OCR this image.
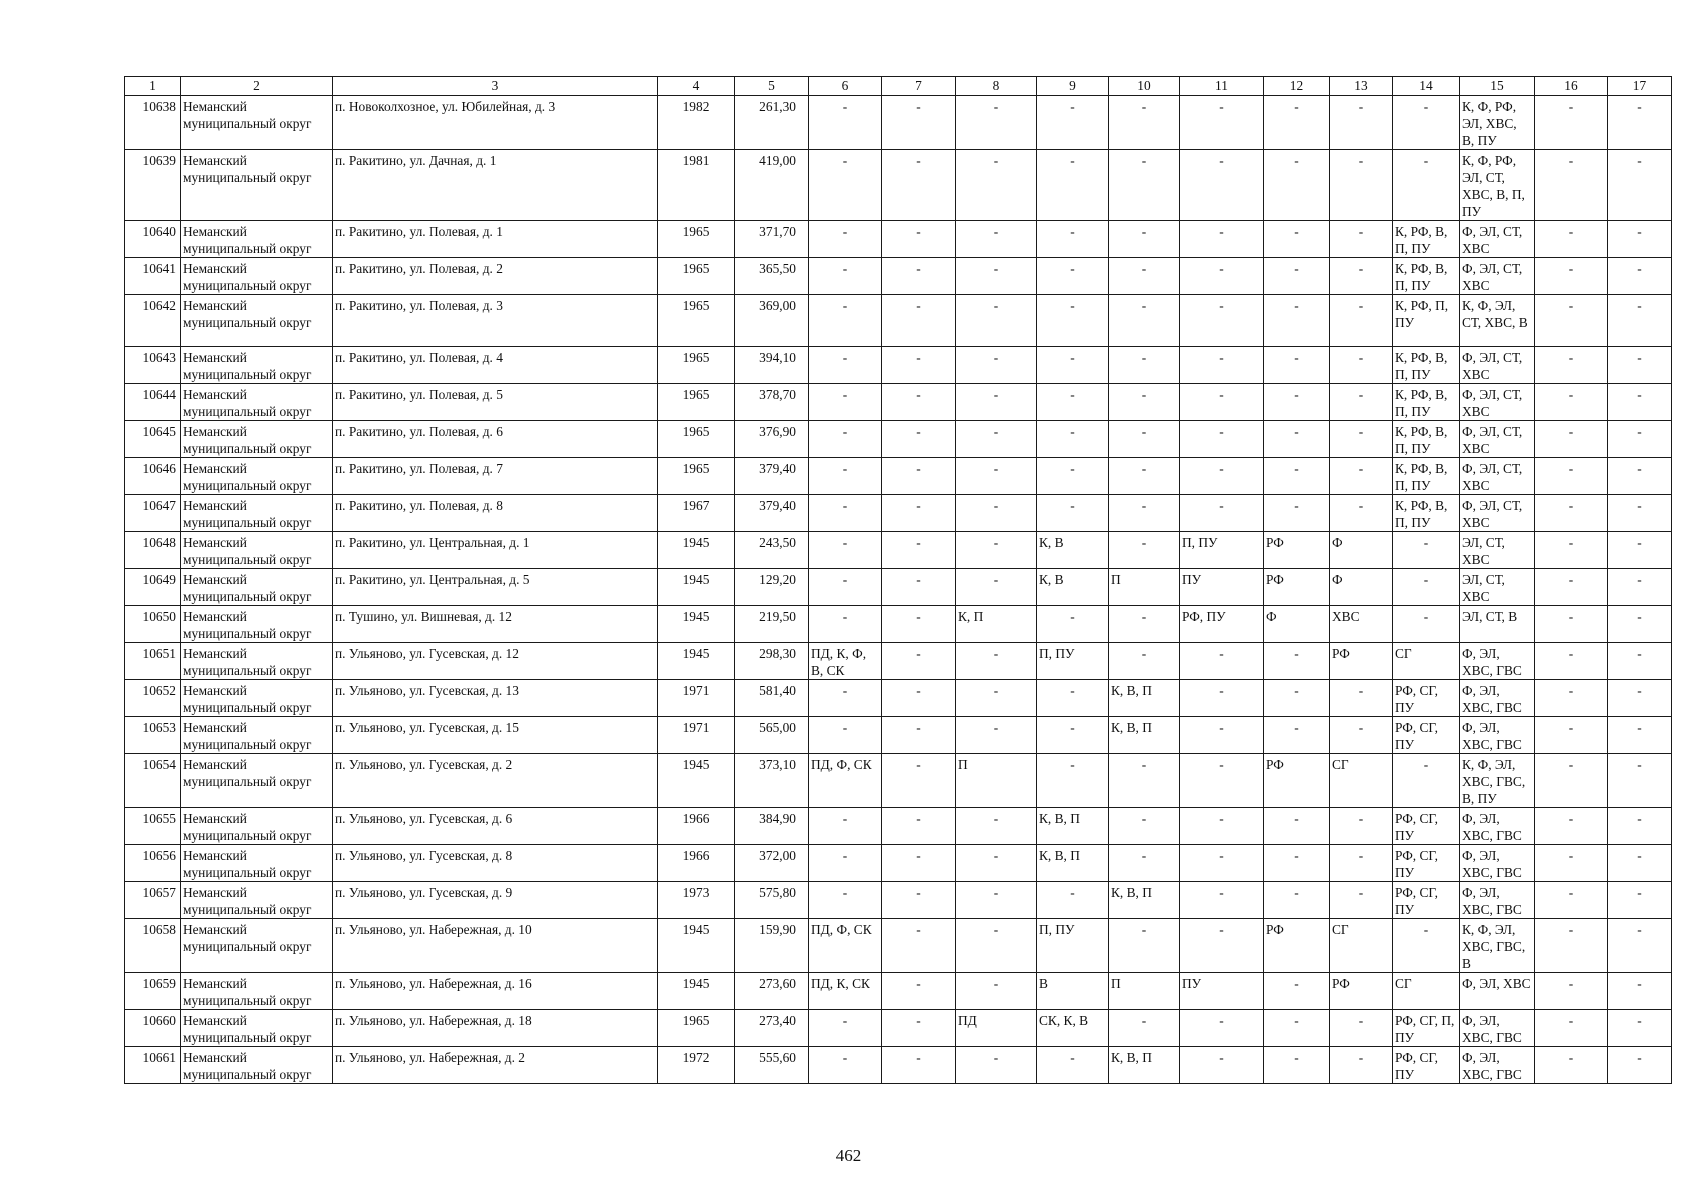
1	2	3	4	5	6	7	8	9	10	11	12	13	14	15	16	17
10638	Неманский муниципальный округ	п. Новоколхозное, ул. Юбилейная, д. 3	1982	261,30	-	-	-	-	-	-	-	-	-	К, Ф, РФ, ЭЛ, ХВС, В, ПУ	-	-
10639	Неманский муниципальный округ	п. Ракитино, ул. Дачная, д. 1	1981	419,00	-	-	-	-	-	-	-	-	-	К, Ф, РФ, ЭЛ, СТ, ХВС, В, П, ПУ	-	-
10640	Неманский муниципальный округ	п. Ракитино, ул. Полевая, д. 1	1965	371,70	-	-	-	-	-	-	-	-	К, РФ, В, П, ПУ	Ф, ЭЛ, СТ, ХВС	-	-
10641	Неманский муниципальный округ	п. Ракитино, ул. Полевая, д. 2	1965	365,50	-	-	-	-	-	-	-	-	К, РФ, В, П, ПУ	Ф, ЭЛ, СТ, ХВС	-	-
10642	Неманский муниципальный округ	п. Ракитино, ул. Полевая, д. 3	1965	369,00	-	-	-	-	-	-	-	-	К, РФ, П, ПУ	К, Ф, ЭЛ, СТ, ХВС, В	-	-
10643	Неманский муниципальный округ	п. Ракитино, ул. Полевая, д. 4	1965	394,10	-	-	-	-	-	-	-	-	К, РФ, В, П, ПУ	Ф, ЭЛ, СТ, ХВС	-	-
10644	Неманский муниципальный округ	п. Ракитино, ул. Полевая, д. 5	1965	378,70	-	-	-	-	-	-	-	-	К, РФ, В, П, ПУ	Ф, ЭЛ, СТ, ХВС	-	-
10645	Неманский муниципальный округ	п. Ракитино, ул. Полевая, д. 6	1965	376,90	-	-	-	-	-	-	-	-	К, РФ, В, П, ПУ	Ф, ЭЛ, СТ, ХВС	-	-
10646	Неманский муниципальный округ	п. Ракитино, ул. Полевая, д. 7	1965	379,40	-	-	-	-	-	-	-	-	К, РФ, В, П, ПУ	Ф, ЭЛ, СТ, ХВС	-	-
10647	Неманский муниципальный округ	п. Ракитино, ул. Полевая, д. 8	1967	379,40	-	-	-	-	-	-	-	-	К, РФ, В, П, ПУ	Ф, ЭЛ, СТ, ХВС	-	-
10648	Неманский муниципальный округ	п. Ракитино, ул. Центральная, д. 1	1945	243,50	-	-	-	К, В	-	П, ПУ	РФ	Ф	-	ЭЛ, СТ, ХВС	-	-
10649	Неманский муниципальный округ	п. Ракитино, ул. Центральная, д. 5	1945	129,20	-	-	-	К, В	П	ПУ	РФ	Ф	-	ЭЛ, СТ, ХВС	-	-
10650	Неманский муниципальный округ	п. Тушино, ул. Вишневая, д. 12	1945	219,50	-	-	К, П	-	-	РФ, ПУ	Ф	ХВС	-	ЭЛ, СТ, В	-	-
10651	Неманский муниципальный округ	п. Ульяново, ул. Гусевская, д. 12	1945	298,30	ПД, К, Ф, В, СК	-	-	П, ПУ	-	-	-	РФ	СГ	Ф, ЭЛ, ХВС, ГВС	-	-
10652	Неманский муниципальный округ	п. Ульяново, ул. Гусевская, д. 13	1971	581,40	-	-	-	-	К, В, П	-	-	-	РФ, СГ, ПУ	Ф, ЭЛ, ХВС, ГВС	-	-
10653	Неманский муниципальный округ	п. Ульяново, ул. Гусевская, д. 15	1971	565,00	-	-	-	-	К, В, П	-	-	-	РФ, СГ, ПУ	Ф, ЭЛ, ХВС, ГВС	-	-
10654	Неманский муниципальный округ	п. Ульяново, ул. Гусевская, д. 2	1945	373,10	ПД, Ф, СК	-	П	-	-	-	РФ	СГ	-	К, Ф, ЭЛ, ХВС, ГВС, В, ПУ	-	-
10655	Неманский муниципальный округ	п. Ульяново, ул. Гусевская, д. 6	1966	384,90	-	-	-	К, В, П	-	-	-	-	РФ, СГ, ПУ	Ф, ЭЛ, ХВС, ГВС	-	-
10656	Неманский муниципальный округ	п. Ульяново, ул. Гусевская, д. 8	1966	372,00	-	-	-	К, В, П	-	-	-	-	РФ, СГ, ПУ	Ф, ЭЛ, ХВС, ГВС	-	-
10657	Неманский муниципальный округ	п. Ульяново, ул. Гусевская, д. 9	1973	575,80	-	-	-	-	К, В, П	-	-	-	РФ, СГ, ПУ	Ф, ЭЛ, ХВС, ГВС	-	-
10658	Неманский муниципальный округ	п. Ульяново, ул. Набережная, д. 10	1945	159,90	ПД, Ф, СК	-	-	П, ПУ	-	-	РФ	СГ	-	К, Ф, ЭЛ, ХВС, ГВС, В	-	-
10659	Неманский муниципальный округ	п. Ульяново, ул. Набережная, д. 16	1945	273,60	ПД, К, СК	-	-	В	П	ПУ	-	РФ	СГ	Ф, ЭЛ, ХВС	-	-
10660	Неманский муниципальный округ	п. Ульяново, ул. Набережная, д. 18	1965	273,40	-	-	ПД	СК, К, В	-	-	-	-	РФ, СГ, П, ПУ	Ф, ЭЛ, ХВС, ГВС	-	-
10661	Неманский муниципальный округ	п. Ульяново, ул. Набережная, д. 2	1972	555,60	-	-	-	-	К, В, П	-	-	-	РФ, СГ, ПУ	Ф, ЭЛ, ХВС, ГВС	-	-
462
